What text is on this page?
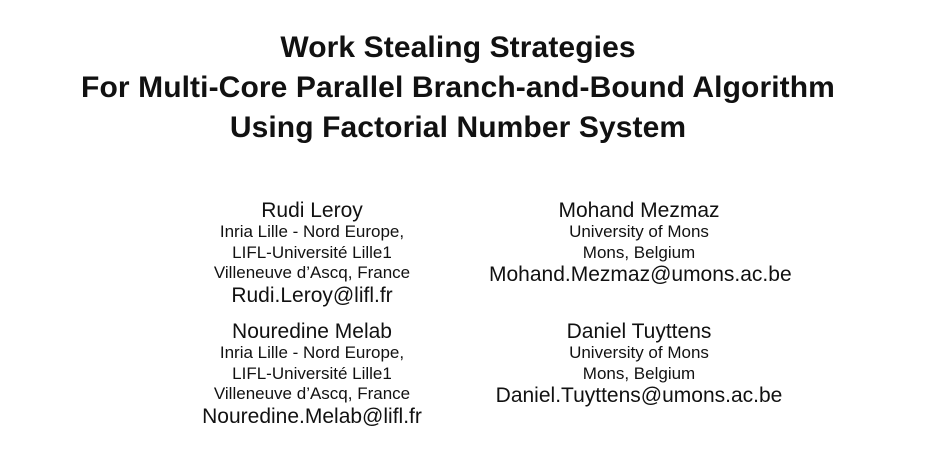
Work Stealing Strategies
For Multi-Core Parallel Branch-and-Bound Algorithm
Using Factorial Number System
Rudi Leroy
Inria Lille - Nord Europe,
LIFL-Université Lille1
Villeneuve d’Ascq, France
Rudi.Leroy@lifl.fr
Mohand Mezmaz
University of Mons
Mons, Belgium
Mohand.Mezmaz@umons.ac.be
Nouredine Melab
Inria Lille - Nord Europe,
LIFL-Université Lille1
Villeneuve d’Ascq, France
Nouredine.Melab@lifl.fr
Daniel Tuyttens
University of Mons
Mons, Belgium
Daniel.Tuyttens@umons.ac.be
